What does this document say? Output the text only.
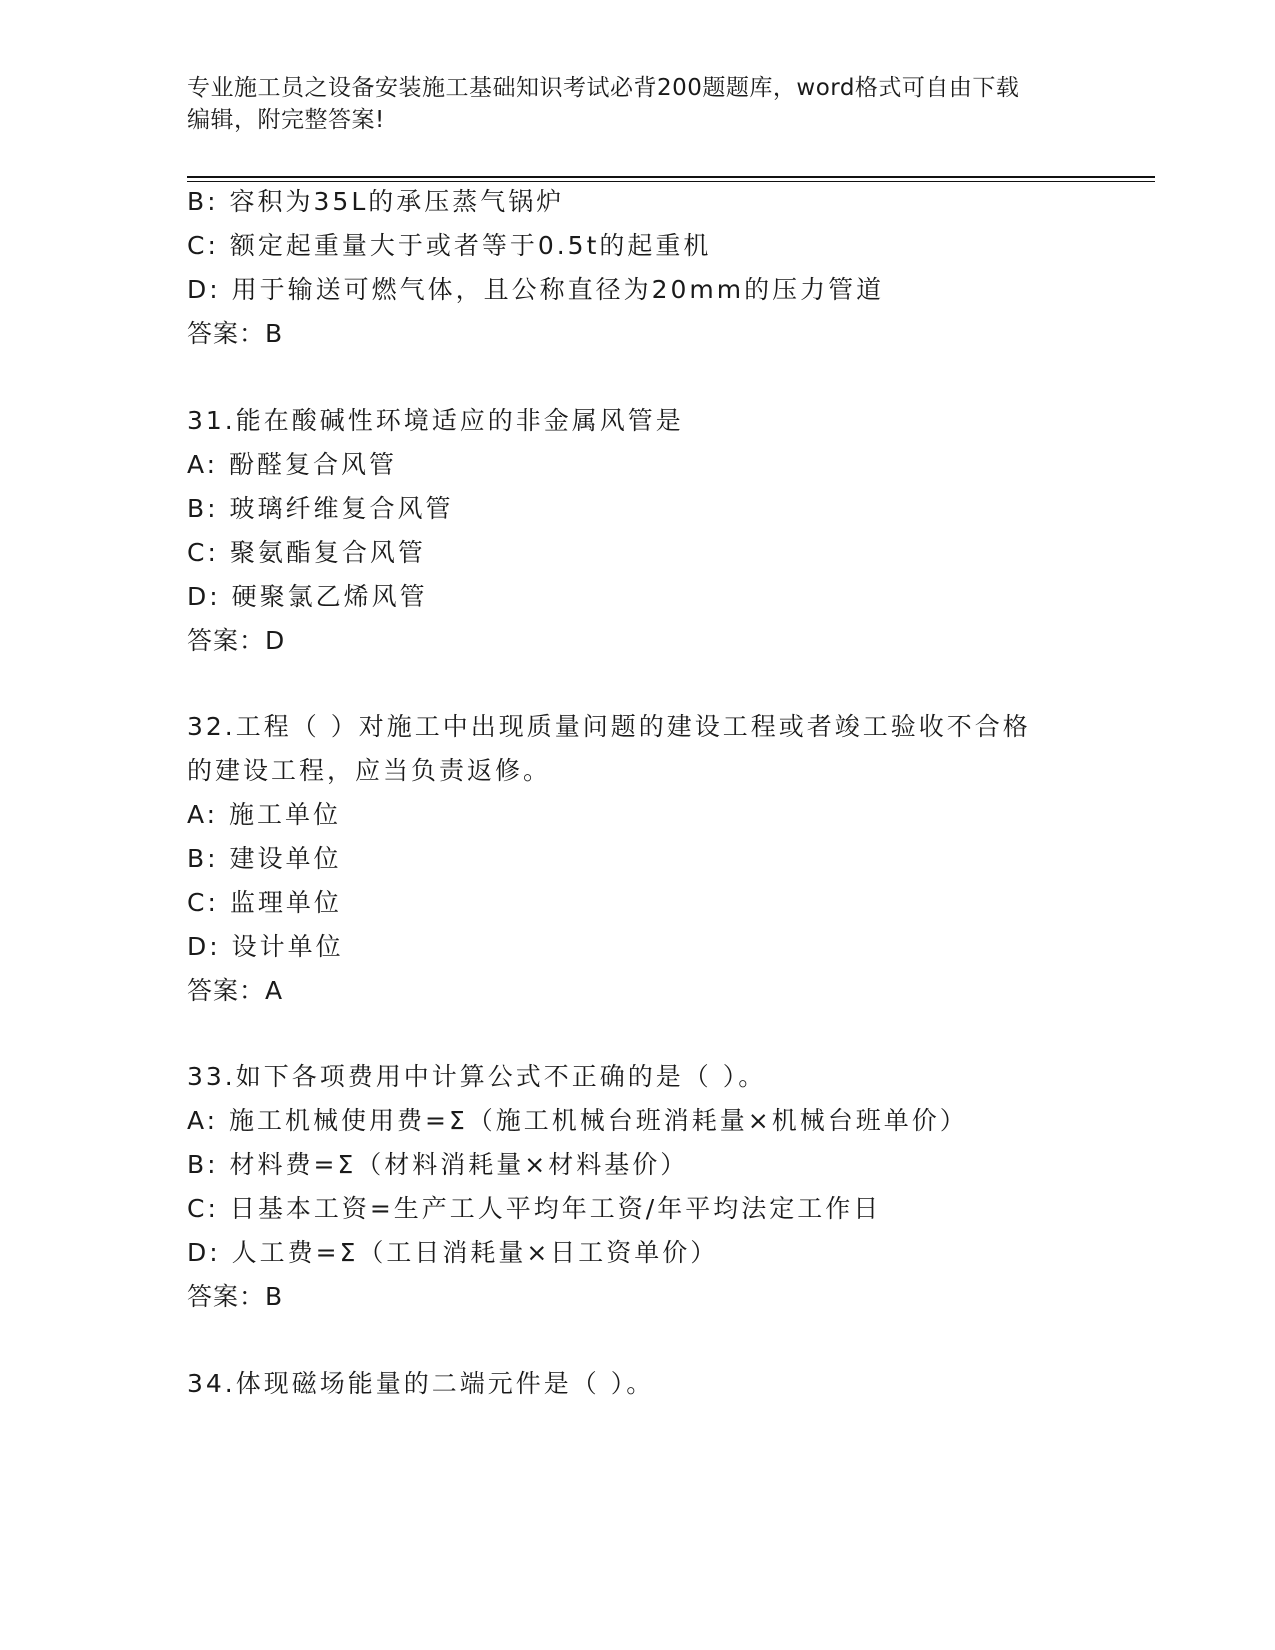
专业施工员之设备安装施工基础知识考试必背200题题库，word格式可自由下载
编辑，附完整答案!
B: 容积为35L的承压蒸气锅炉
C: 额定起重量大于或者等于0.5t的起重机
D: 用于输送可燃气体，且公称直径为20mm的压力管道
答案：B
31.能在酸碱性环境适应的非金属风管是
A: 酚醛复合风管
B: 玻璃纤维复合风管
C: 聚氨酯复合风管
D: 硬聚氯乙烯风管
答案：D
32.工程（ ）对施工中出现质量问题的建设工程或者竣工验收不合格
的建设工程，应当负责返修。
A: 施工单位
B: 建设单位
C: 监理单位
D: 设计单位
答案：A
33.如下各项费用中计算公式不正确的是（ ）。
A: 施工机械使用费=Σ（施工机械台班消耗量×机械台班单价）
B: 材料费=Σ（材料消耗量×材料基价）
C: 日基本工资=生产工人平均年工资/年平均法定工作日
D: 人工费=Σ（工日消耗量×日工资单价）
答案：B
34.体现磁场能量的二端元件是（ ）。
